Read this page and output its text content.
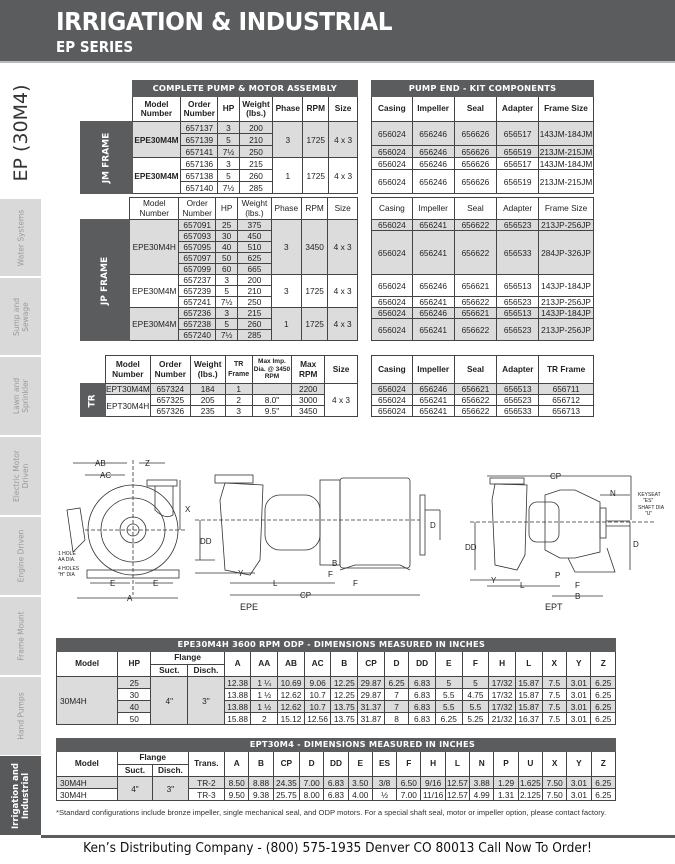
IRRIGATION & INDUSTRIAL
EP SERIES
EP (30M4)
Water Systems
Sump and
Sewage
Lawn and
Sprinkler
Electric Motor
Driven
Engine Driven
Frame Mount
Hand Pumps
Irrigation and
Industrial
	COMPLETE PUMP & MOTOR ASSEMBLY						
	Model Number	Order Number	HP	Weight (lbs.)	Phase	RPM	Size
JM FRAME	EPE30M4M	657137	3	200	3	1725	4 x 3
		657139	5	210			
		657141	7½	250			
	EPE30M4M	657136	3	215	1	1725	4 x 3
		657138	5	260			
		657140	7½	285			
PUMP END - KIT COMPONENTS				
Casing	Impeller	Seal	Adapter	Frame Size
656024	656246	656626	656517	143JM-184JM
656024	656246	656626	656519	213JM-215JM
656024	656246	656626	656517	143JM-184JM
656024	656246	656626	656519	213JM-215JM
	Model Number	Order Number	HP	Weight (lbs.)	Phase	RPM	Size
JP FRAME	EPE30M4H	657091	25	375	3	3450	4 x 3
		657093	30	450			
		657095	40	510			
		657097	50	625			
		657099	60	665			
	EPE30M4M	657237	3	200	3	1725	4 x 3
		657239	5	210			
		657241	7½	250			
	EPE30M4M	657236	3	215	1	1725	4 x 3
		657238	5	260			
		657240	7½	285			
Casing	Impeller	Seal	Adapter	Frame Size
656024	656241	656622	656523	213JP-256JP
656024	656241	656622	656533	284JP-326JP
656024	656246	656621	656513	143JP-184JP
656024	656241	656622	656523	213JP-256JP
656024	656246	656621	656513	143JP-184JP
656024	656241	656622	656523	213JP-256JP
	Model Number	Order Number	Weight (lbs.)	TR Frame	Max Imp. Dia. @ 3450 RPM	Max RPM	Size
TR	EPT30M4M	657324	184	1		2200	4 x 3
	EPT30M4H	657325	205	2	8.0"	3000	
		657326	235	3	9.5"	3450	
Casing	Impeller	Seal	Adapter	TR Frame
656024	656246	656621	656513	656711
656024	656241	656622	656523	656712
656024	656241	656622	656533	656713
AB
AC
Z
X
1 HOLE
AA DIA.
4 HOLES
"H" DIA
E	E
A
DD
Y
L
CP
B
F
F
D
CP
N	KEYSEAT
"ES"
SHAFT DIA
"U"
D
DD
Y
L
P
F
B
EPE	EPT
EPE30M4H 3600 RPM ODP - DIMENSIONS MEASURED IN INCHES																		
Model	HP	Flange		A	AA	AB	AC	B	CP	D	DD	E	F	H	L	X	Y	Z
		Suct.	Disch.															
30M4H	25	4"	3"	12.38	1 ¼	10.69	9.06	12.25	29.87	6.25	6.83	5	5	17/32	15.87	7.5	3.01	6.25
	30			13.88	1 ½	12.62	10.7	12.25	29.87	7	6.83	5.5	4.75	17/32	15.87	7.5	3.01	6.25
	40			13.88	1 ½	12.62	10.7	13.75	31.37	7	6.83	5.5	5.5	17/32	15.87	7.5	3.01	6.25
	50			15.88	2	15.12	12.56	13.75	31.87	8	6.83	6.25	5.25	21/32	16.37	7.5	3.01	6.25
EPT30M4 - DIMENSIONS MEASURED IN INCHES																			
Model	Flange		Trans.	A	B	CP	D	DD	E	ES	F	H	L	N	P	U	X	Y	Z
	Suct.	Disch.																	
30M4H	4"	3"	TR-2	8.50	8.88	24.35	7.00	6.83	3.50	3/8	6.50	9/16	12.57	3.88	1.29	1.625	7.50	3.01	6.25
30M4H			TR-3	9.50	9.38	25.75	8.00	6.83	4.00	½	7.00	11/16	12.57	4.99	1.31	2.125	7.50	3.01	6.25
*Standard configurations include bronze impeller, single mechanical seal, and ODP motors. For a special shaft seal, motor or impeller option, please contact factory.
Ken’s Distributing Company - (800) 575-1935 Denver CO 80013 Call Now To Order!
